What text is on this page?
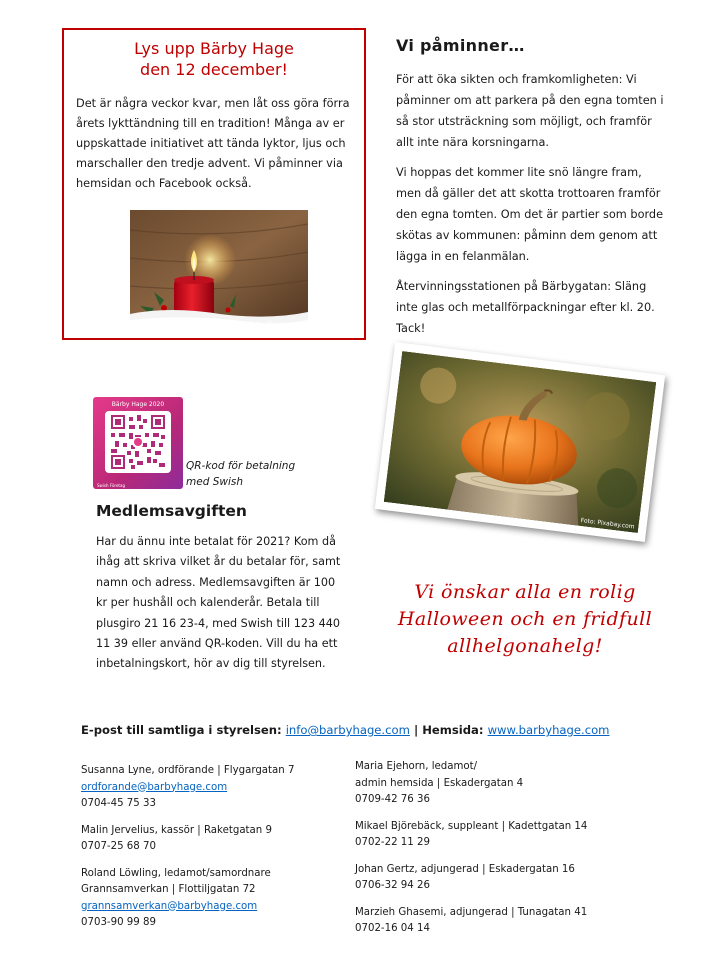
Lys upp Bärby Hage
den 12 december!

Det är några veckor kvar, men låt oss göra förra årets lykttändning till en tradition! Många av er uppskattade initiativet att tända lyktor, ljus och marschaller den tredje advent. Vi påminner via hemsidan och Facebook också.

Foto: Pixabay.com
Vi påminner…

För att öka sikten och framkomligheten: Vi påminner om att parkera på den egna tomten i så stor utsträckning som möjligt, och framför allt inte nära korsningarna.

Vi hoppas det kommer lite snö längre fram, men då gäller det att skotta trottoaren framför den egna tomten. Om det är partier som borde skötas av kommunen: påminn dem genom att lägga in en felanmälan.

Återvinningsstationen på Bärbygatan: Släng inte glas och metallförpackningar efter kl. 20. Tack!

Bärby Hage 2020
Swish Företag
QR-kod för betalning
med Swish
Medlemsavgiften

Har du ännu inte betalat för 2021? Kom då ihåg att skriva vilket år du betalar för, samt namn och adress. Medlemsavgiften är 100 kr per hushåll och kalenderår. Betala till plusgiro 21 16 23-4, med Swish till 123 440 11 39 eller använd QR-koden. Vill du ha ett inbetalningskort, hör av dig till styrelsen.

Foto: Pixabay.com
Vi önskar alla en rolig
Halloween och en fridfull
allhelgonahelg!
E-post till samtliga i styrelsen: info@barbyhage.com | Hemsida: www.barbyhage.com
Susanna Lyne, ordförande | Flygargatan 7
ordforande@barbyhage.com
0704-45 75 33
Malin Jervelius, kassör | Raketgatan 9
0707-25 68 70
Roland Löwling, ledamot/samordnare
Grannsamverkan | Flottiljgatan 72
grannsamverkan@barbyhage.com
0703-90 99 89
Maria Ejehorn, ledamot/
admin hemsida | Eskadergatan 4
0709-42 76 36
Mikael Björebäck, suppleant | Kadettgatan 14
0702-22 11 29
Johan Gertz, adjungerad | Eskadergatan 16
0706-32 94 26
Marzieh Ghasemi, adjungerad | Tunagatan 41
0702-16 04 14
